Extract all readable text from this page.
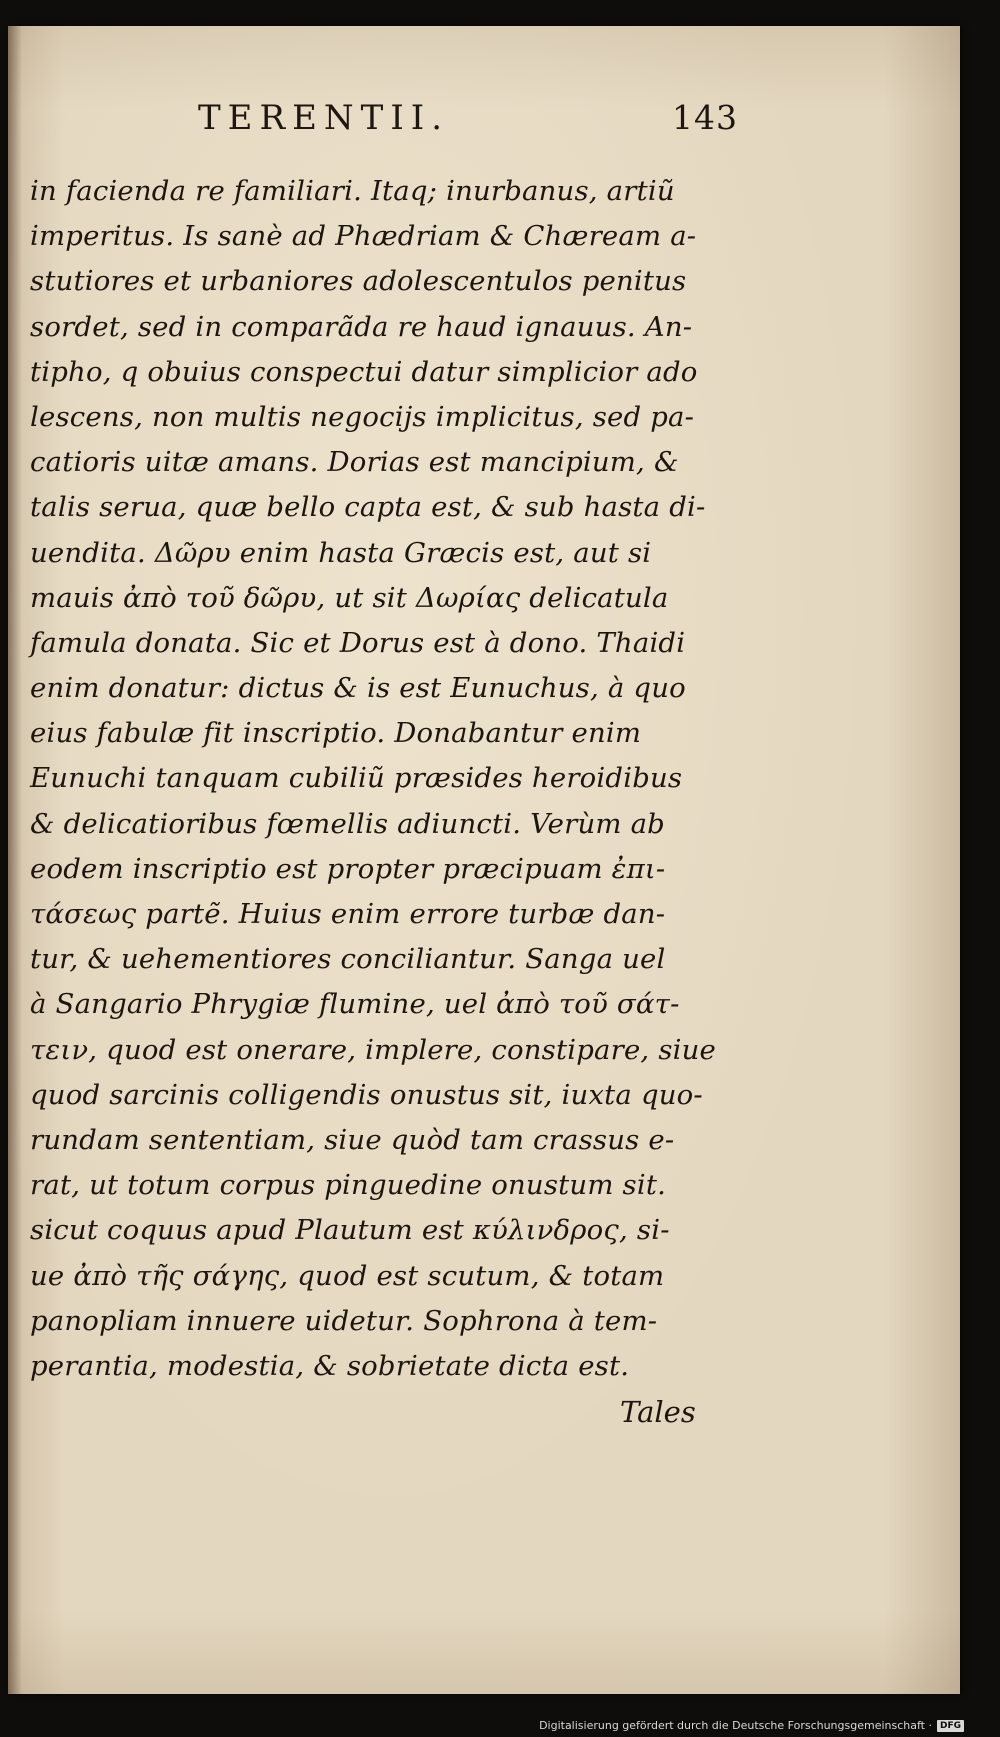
TERENTII.	143
in facienda re familiari. Itaq; inurbanus, artiũ
imperitus. Is sanè ad Phædriam & Chæream a-
stutiores et urbaniores adolescentulos penitus
sordet, sed in comparãda re haud ignauus. An-
tipho, q obuius conspectui datur simplicior ado
lescens, non multis negocijs implicitus, sed pa-
catioris uitæ amans. Dorias est mancipium, &
talis serua, quæ bello capta est, & sub hasta di-
uendita. Δῶρυ enim hasta Græcis est, aut si
mauis ἀπὸ τοῦ δῶρυ, ut sit Δωρίας delicatula
famula donata. Sic et Dorus est à dono. Thaidi
enim donatur: dictus & is est Eunuchus, à quo
eius fabulæ fit inscriptio. Donabantur enim
Eunuchi tanquam cubiliũ præsides heroidibus
& delicatioribus fœmellis adiuncti. Verùm ab
eodem inscriptio est propter præcipuam ἐπι-
τάσεως partẽ. Huius enim errore turbæ dan-
tur, & uehementiores conciliantur. Sanga uel
à Sangario Phrygiæ flumine, uel ἀπὸ τοῦ σάτ-
τειν, quod est onerare, implere, constipare, siue
quod sarcinis colligendis onustus sit, iuxta quo-
rundam sententiam, siue quòd tam crassus e-
rat, ut totum corpus pinguedine onustum sit.
sicut coquus apud Plautum est κύλινδρος, si-
ue ἀπὸ τῆς σάγης, quod est scutum, & totam
panopliam innuere uidetur. Sophrona à tem-
perantia, modestia, & sobrietate dicta est.
Tales
Digitalisierung gefördert durch die Deutsche Forschungsgemeinschaft · DFG
